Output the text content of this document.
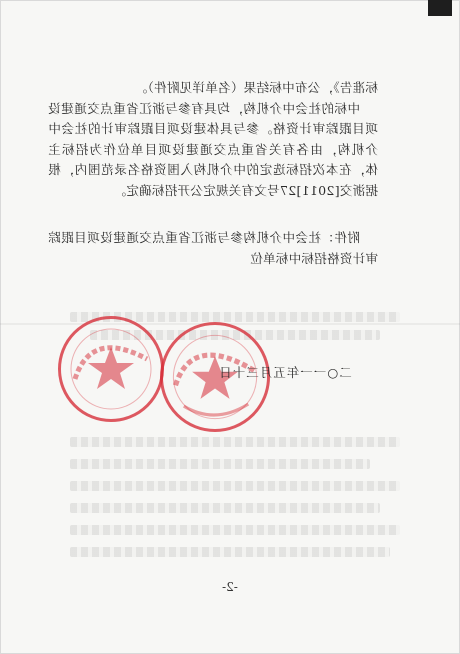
标准告》，公布中标结果（名单详见附件）。
中标的社会中介机构，均具有参与浙江省重点交通建设项目跟踪审计资格。参与具体建设项目跟踪审计的社会中介机构，由各有关省重点交通建设项目单位作为招标主体，在本次招标选定的中介机构入围资格名录范围内，根据浙交[2011]27号文有关规定公开招标确定。
附件：社会中介机构参与浙江省重点交通建设项目跟踪审计资格招标中标单位
二○一一年五月三十日
-2-
